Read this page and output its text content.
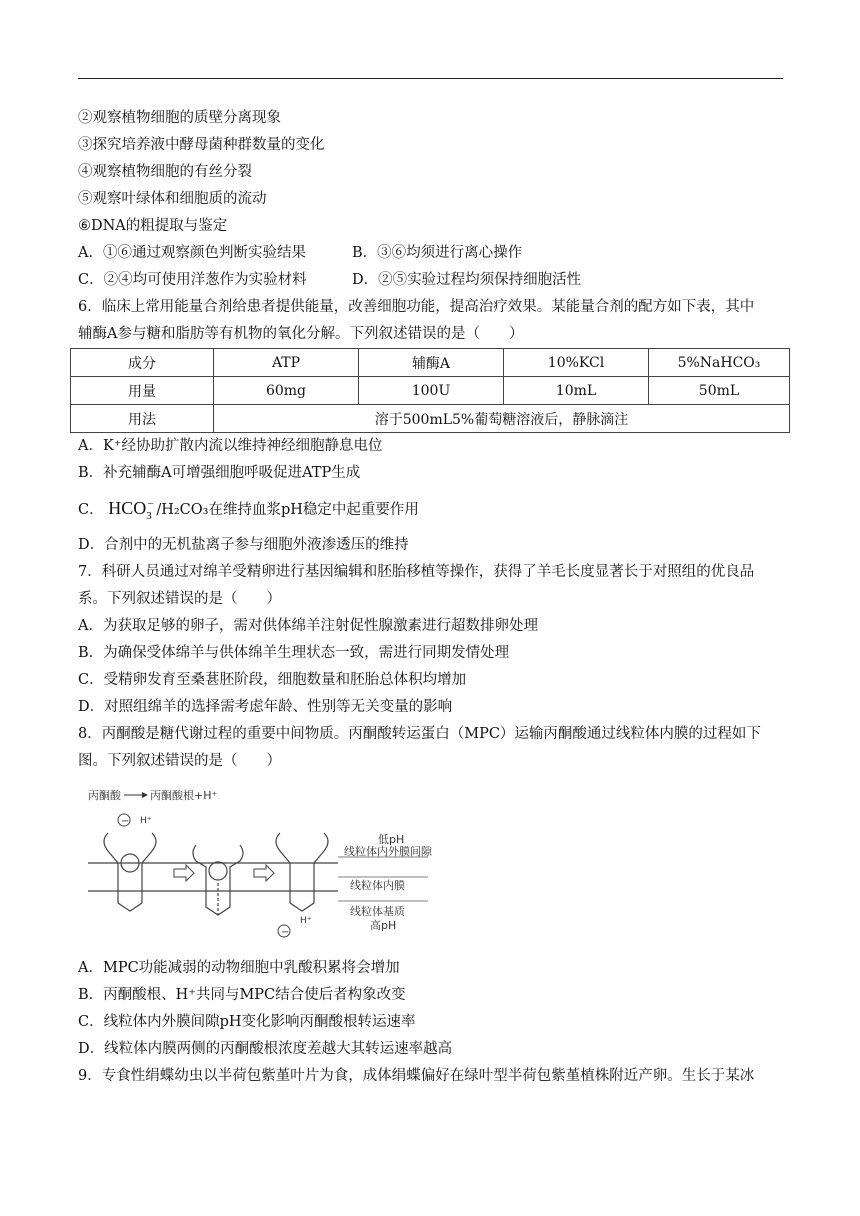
②观察植物细胞的质壁分离现象
③探究培养液中酵母菌种群数量的变化
④观察植物细胞的有丝分裂
⑤观察叶绿体和细胞质的流动
⑥DNA的粗提取与鉴定
A．①⑥通过观察颜色判断实验结果	B．③⑥均须进行离心操作
C．②④均可使用洋葱作为实验材料	D．②⑤实验过程均须保持细胞活性
6．临床上常用能量合剂给患者提供能量，改善细胞功能，提高治疗效果。某能量合剂的配方如下表，其中
辅酶A参与糖和脂肪等有机物的氧化分解。下列叙述错误的是（　　）
成分	ATP	辅酶A	10%KCl	5%NaHCO₃
用量	60mg	100U	10mL	50mL
用法	溶于500mL5%葡萄糖溶液后，静脉滴注			
A．K⁺经协助扩散内流以维持神经细胞静息电位
B．补充辅酶A可增强细胞呼吸促进ATP生成
C． $HCO_3$
− /H₂CO₃在维持血浆pH稳定中起重要作用
D．合剂中的无机盐离子参与细胞外液渗透压的维持
7．科研人员通过对绵羊受精卵进行基因编辑和胚胎移植等操作，获得了羊毛长度显著长于对照组的优良品
系。下列叙述错误的是（　　）
A．为获取足够的卵子，需对供体绵羊注射促性腺激素进行超数排卵处理
B．为确保受体绵羊与供体绵羊生理状态一致，需进行同期发情处理
C．受精卵发育至桑葚胚阶段，细胞数量和胚胎总体积均增加
D．对照组绵羊的选择需考虑年龄、性别等无关变量的影响
8．丙酮酸是糖代谢过程的重要中间物质。丙酮酸转运蛋白（MPC）运输丙酮酸通过线粒体内膜的过程如下
图。下列叙述错误的是（　　）
丙酮酸	丙酮酸根+H⁺
− H⁺
−
H⁺
低pH
线粒体内外膜间隙
线粒体内膜
线粒体基质
高pH
A．MPC功能减弱的动物细胞中乳酸积累将会增加
B．丙酮酸根、H⁺共同与MPC结合使后者构象改变
C．线粒体内外膜间隙pH变化影响丙酮酸根转运速率
D．线粒体内膜两侧的丙酮酸根浓度差越大其转运速率越高
9．专食性绢蝶幼虫以半荷包紫堇叶片为食，成体绢蝶偏好在绿叶型半荷包紫堇植株附近产卵。生长于某冰
